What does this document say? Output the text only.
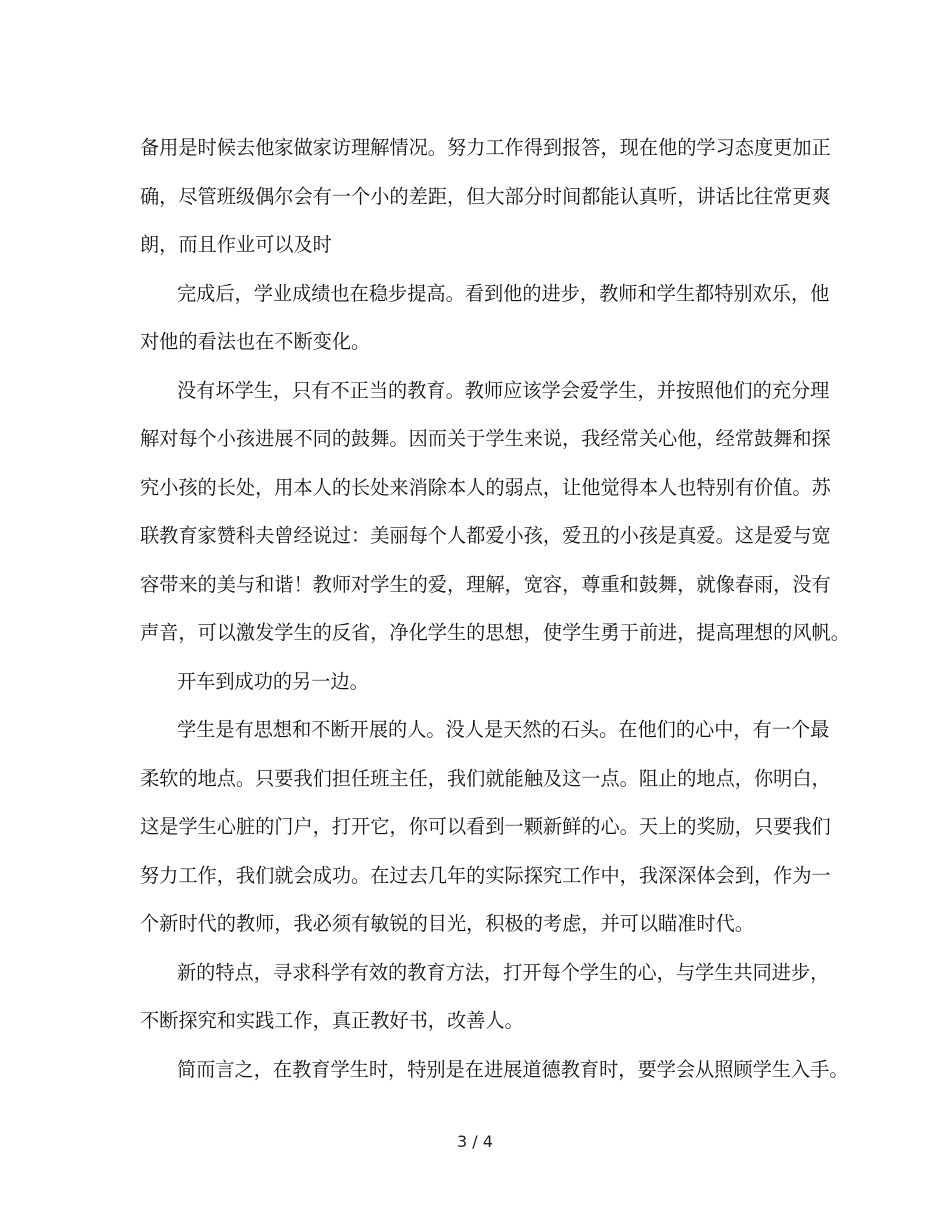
备用是时候去他家做家访理解情况。努力工作得到报答，现在他的学习态度更加正
确，尽管班级偶尔会有一个小的差距，但大部分时间都能认真听，讲话比往常更爽
朗，而且作业可以及时
完成后，学业成绩也在稳步提高。看到他的进步，教师和学生都特别欢乐，他
对他的看法也在不断变化。
没有坏学生，只有不正当的教育。教师应该学会爱学生，并按照他们的充分理
解对每个小孩进展不同的鼓舞。因而关于学生来说，我经常关心他，经常鼓舞和探
究小孩的长处，用本人的长处来消除本人的弱点，让他觉得本人也特别有价值。苏
联教育家赞科夫曾经说过：美丽每个人都爱小孩，爱丑的小孩是真爱。这是爱与宽
容带来的美与和谐！教师对学生的爱，理解，宽容，尊重和鼓舞，就像春雨，没有
声音，可以激发学生的反省，净化学生的思想，使学生勇于前进，提高理想的风帆。
开车到成功的另一边。
学生是有思想和不断开展的人。没人是天然的石头。在他们的心中，有一个最
柔软的地点。只要我们担任班主任，我们就能触及这一点。阻止的地点，你明白，
这是学生心脏的门户，打开它，你可以看到一颗新鲜的心。天上的奖励，只要我们
努力工作，我们就会成功。在过去几年的实际探究工作中，我深深体会到，作为一
个新时代的教师，我必须有敏锐的目光，积极的考虑，并可以瞄准时代。
新的特点，寻求科学有效的教育方法，打开每个学生的心，与学生共同进步，
不断探究和实践工作，真正教好书，改善人。
简而言之，在教育学生时，特别是在进展道德教育时，要学会从照顾学生入手。
3 / 4
